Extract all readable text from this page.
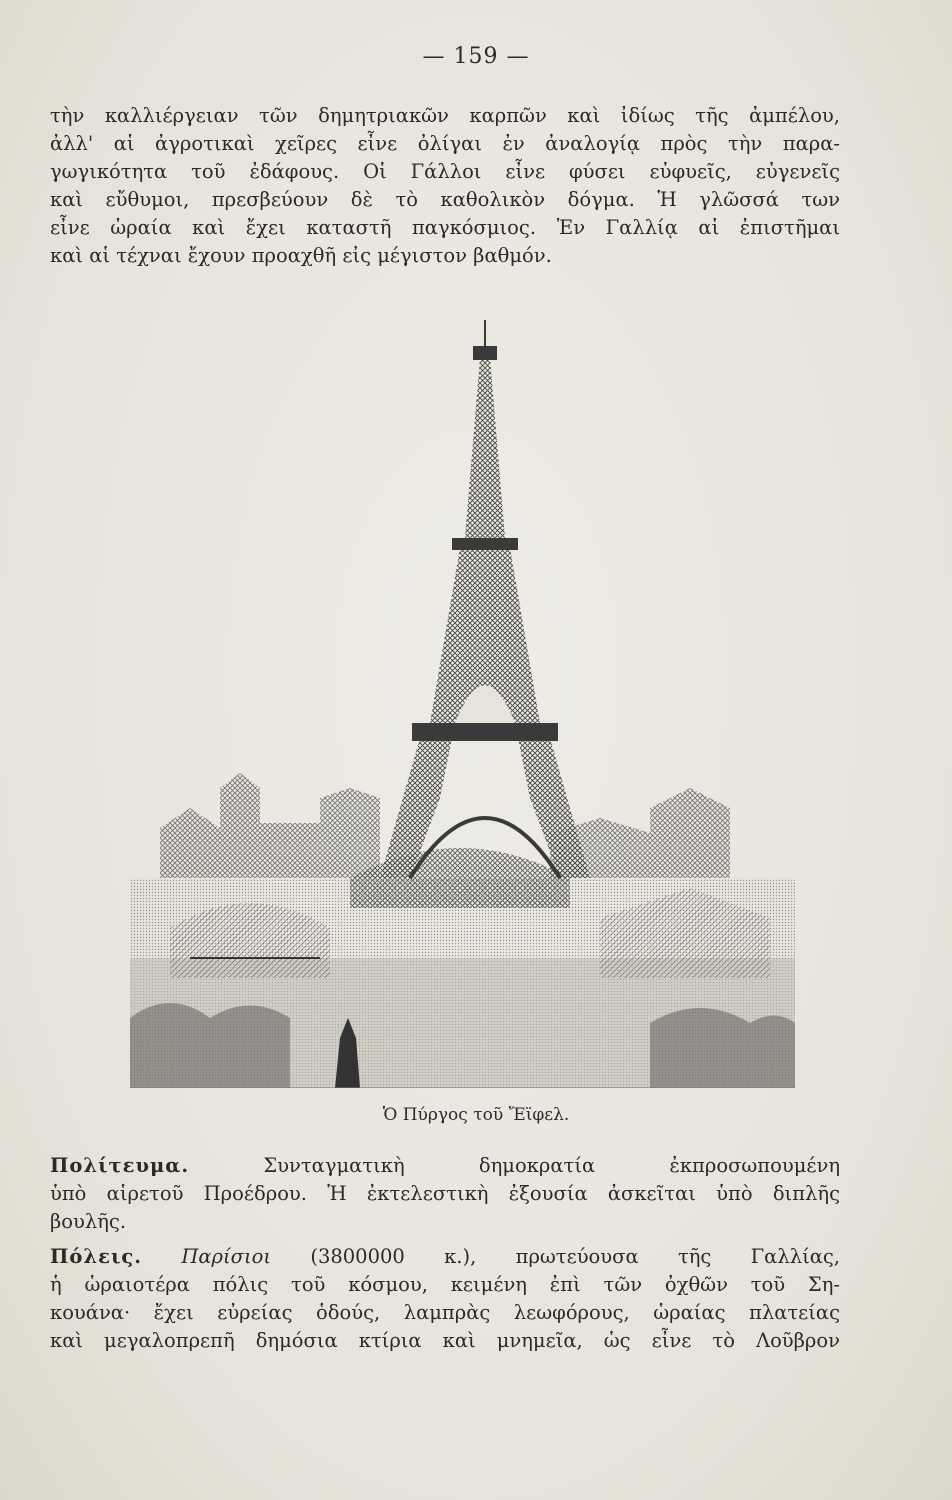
— 159 —
τὴν καλλιέργειαν τῶν δημητριακῶν καρπῶν καὶ ἰδίως τῆς ἀμπέλου,
ἀλλ' αἱ ἀγροτικαὶ χεῖρες εἶνε ὀλίγαι ἐν ἀναλογίᾳ πρὸς τὴν παρα-
γωγικότητα τοῦ ἐδάφους. Οἱ Γάλλοι εἶνε φύσει εὐφυεῖς, εὐγενεῖς
καὶ εὔθυμοι, πρεσβεύουν δὲ τὸ καθολικὸν δόγμα. Ἡ γλῶσσά των
εἶνε ὡραία καὶ ἔχει καταστῆ παγκόσμιος. Ἐν Γαλλίᾳ αἱ ἐπιστῆμαι
καὶ αἱ τέχναι ἔχουν προαχθῆ εἰς μέγιστον βαθμόν.
Ὁ Πύργος τοῦ Ἔϊφελ.
Πολίτευμα.	Συνταγματικὴ δημοκρατία ἐκπροσωπουμένη
ὑπὸ αἱρετοῦ Προέδρου. Ἡ ἐκτελεστικὴ ἐξουσία ἀσκεῖται ὑπὸ διπλῆς
βουλῆς.
Πόλεις. Παρίσιοι (3800000 κ.), πρωτεύουσα τῆς Γαλλίας,
ἡ ὡραιοτέρα πόλις τοῦ κόσμου, κειμένη ἐπὶ τῶν ὀχθῶν τοῦ Ση-
κουάνα· ἔχει εὐρείας ὁδούς, λαμπρὰς λεωφόρους, ὡραίας πλατείας
καὶ μεγαλοπρεπῆ δημόσια κτίρια καὶ μνημεῖα, ὡς εἶνε τὸ Λοῦβρον
